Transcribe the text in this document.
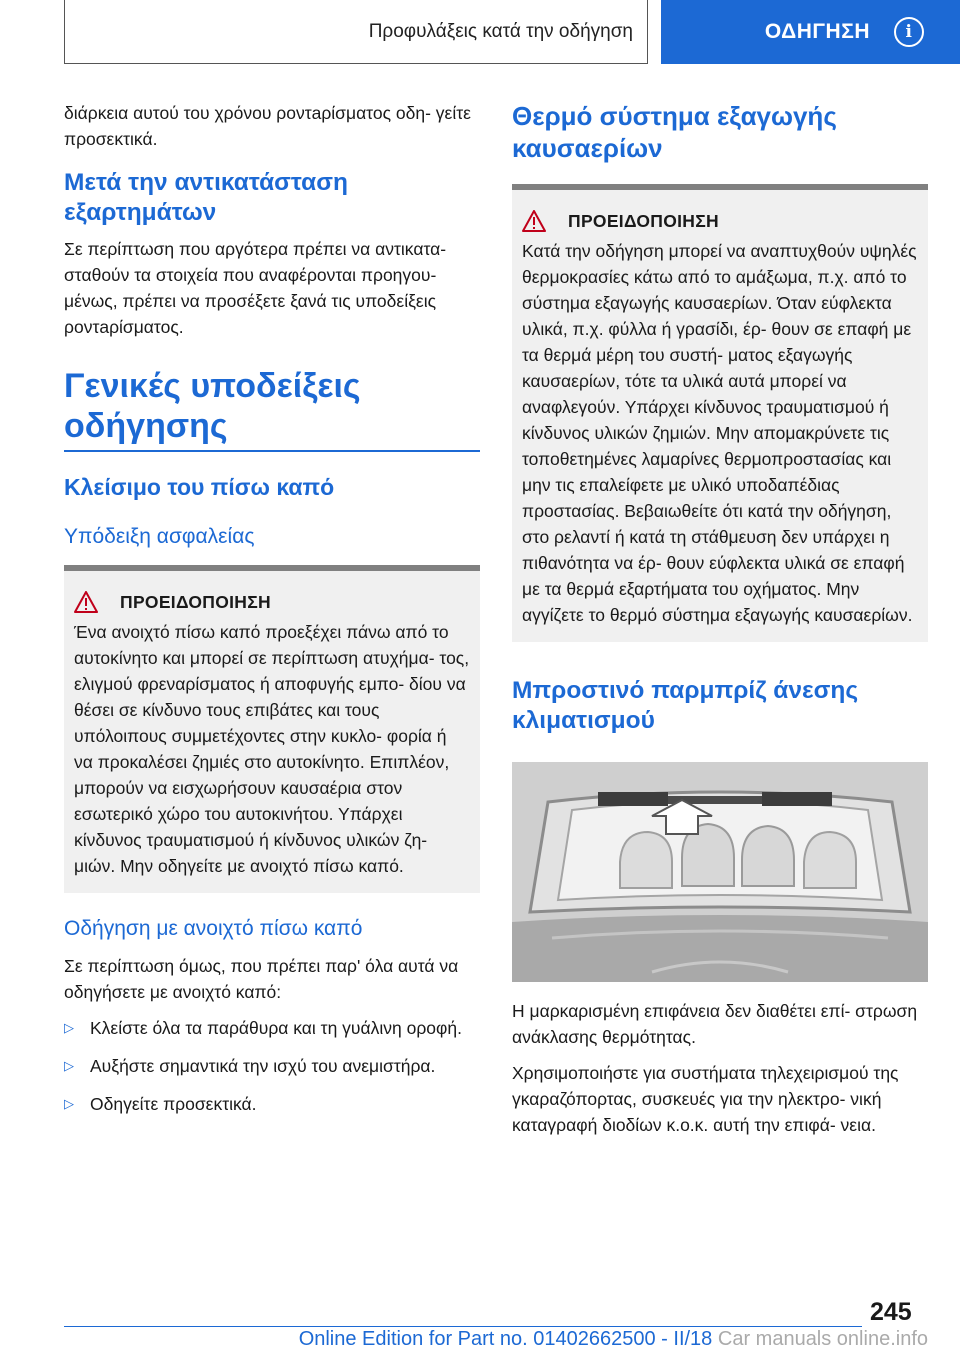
Προφυλάξεις κατά την οδήγηση	ΟΔΗΓΗΣΗ	i

διάρκεια αυτού του χρόνου ροντaρίσματος οδη- γείτε προσεκτικά.

Μετά την αντικατάσταση εξαρτημάτων

Σε περίπτωση που αργότερα πρέπει να αντικατα- σταθούν τα στοιχεία που αναφέρονται προηγου- μένως, πρέπει να προσέξετε ξανά τις υποδείξεις ροντaρίσματος.

Γενικές υποδείξεις οδήγησης
Κλείσιμο του πίσω καπό
Υπόδειξη ασφαλείας
ΠΡΟΕΙΔΟΠΟΙΗΣΗ

Ένα ανοιχτό πίσω καπό προεξέχει πάνω από το αυτοκίνητο και μπορεί σε περίπτωση ατυχήμα- τος, ελιγμού φρεναρίσματος ή αποφυγής εμπο- δίου να θέσει σε κίνδυνο τους επιβάτες και τους υπόλοιπους συμμετέχοντες στην κυκλο- φορία ή να προκαλέσει ζημιές στο αυτοκίνητο. Επιπλέον, μπορούν να εισχωρήσουν καυσαέρια στον εσωτερικό χώρο του αυτοκινήτου. Υπάρχει κίνδυνος τραυματισμού ή κίνδυνος υλικών ζη- μιών. Μην οδηγείτε με ανοιχτό πίσω καπό.

Οδήγηση με ανοιχτό πίσω καπό

Σε περίπτωση όμως, που πρέπει παρ' όλα αυτά να οδηγήσετε με ανοιχτό καπό:

▷ Κλείστε όλα τα παράθυρα και τη γυάλινη οροφή.
▷ Αυξήστε σημαντικά την ισχύ του ανεμιστήρα.
▷ Οδηγείτε προσεκτικά.
Θερμό σύστημα εξαγωγής καυσαερίων
ΠΡΟΕΙΔΟΠΟΙΗΣΗ

Κατά την οδήγηση μπορεί να αναπτυχθούν υψηλές θερμοκρασίες κάτω από το αμάξωμα, π.χ. από το σύστημα εξαγωγής καυσαερίων. Όταν εύφλεκτα υλικά, π.χ. φύλλα ή γρασίδι, έρ- θουν σε επαφή με τα θερμά μέρη του συστή- ματος εξαγωγής καυσαερίων, τότε τα υλικά αυτά μπορεί να αναφλεγούν. Υπάρχει κίνδυνος τραυματισμού ή κίνδυνος υλικών ζημιών. Μην απομακρύνετε τις τοποθετημένες λαμαρίνες θερμοπροστασίας και μην τις επαλείφετε με υλικό υποδαπέδιας προστασίας. Βεβαιωθείτε ότι κατά την οδήγηση, στο ρελαντί ή κατά τη στάθμευση δεν υπάρχει η πιθανότητα να έρ- θουν εύφλεκτα υλικά σε επαφή με τα θερμά εξαρτήματα του οχήματος. Μην αγγίζετε το θερμό σύστημα εξαγωγής καυσαερίων.

Μπροστινό παρμπρίζ άνεσης κλιματισμού

Η μαρκαρισμένη επιφάνεια δεν διαθέτει επί- στρωση ανάκλασης θερμότητας.

Χρησιμοποιήστε για συστήματα τηλεχειρισμού της γκαραζόπορτας, συσκευές για την ηλεκτρο- νική καταγραφή διοδίων κ.ο.κ. αυτή την επιφά- νεια.

245
Online Edition for Part no. 01402662500 - II/18 Car manuals online.info
